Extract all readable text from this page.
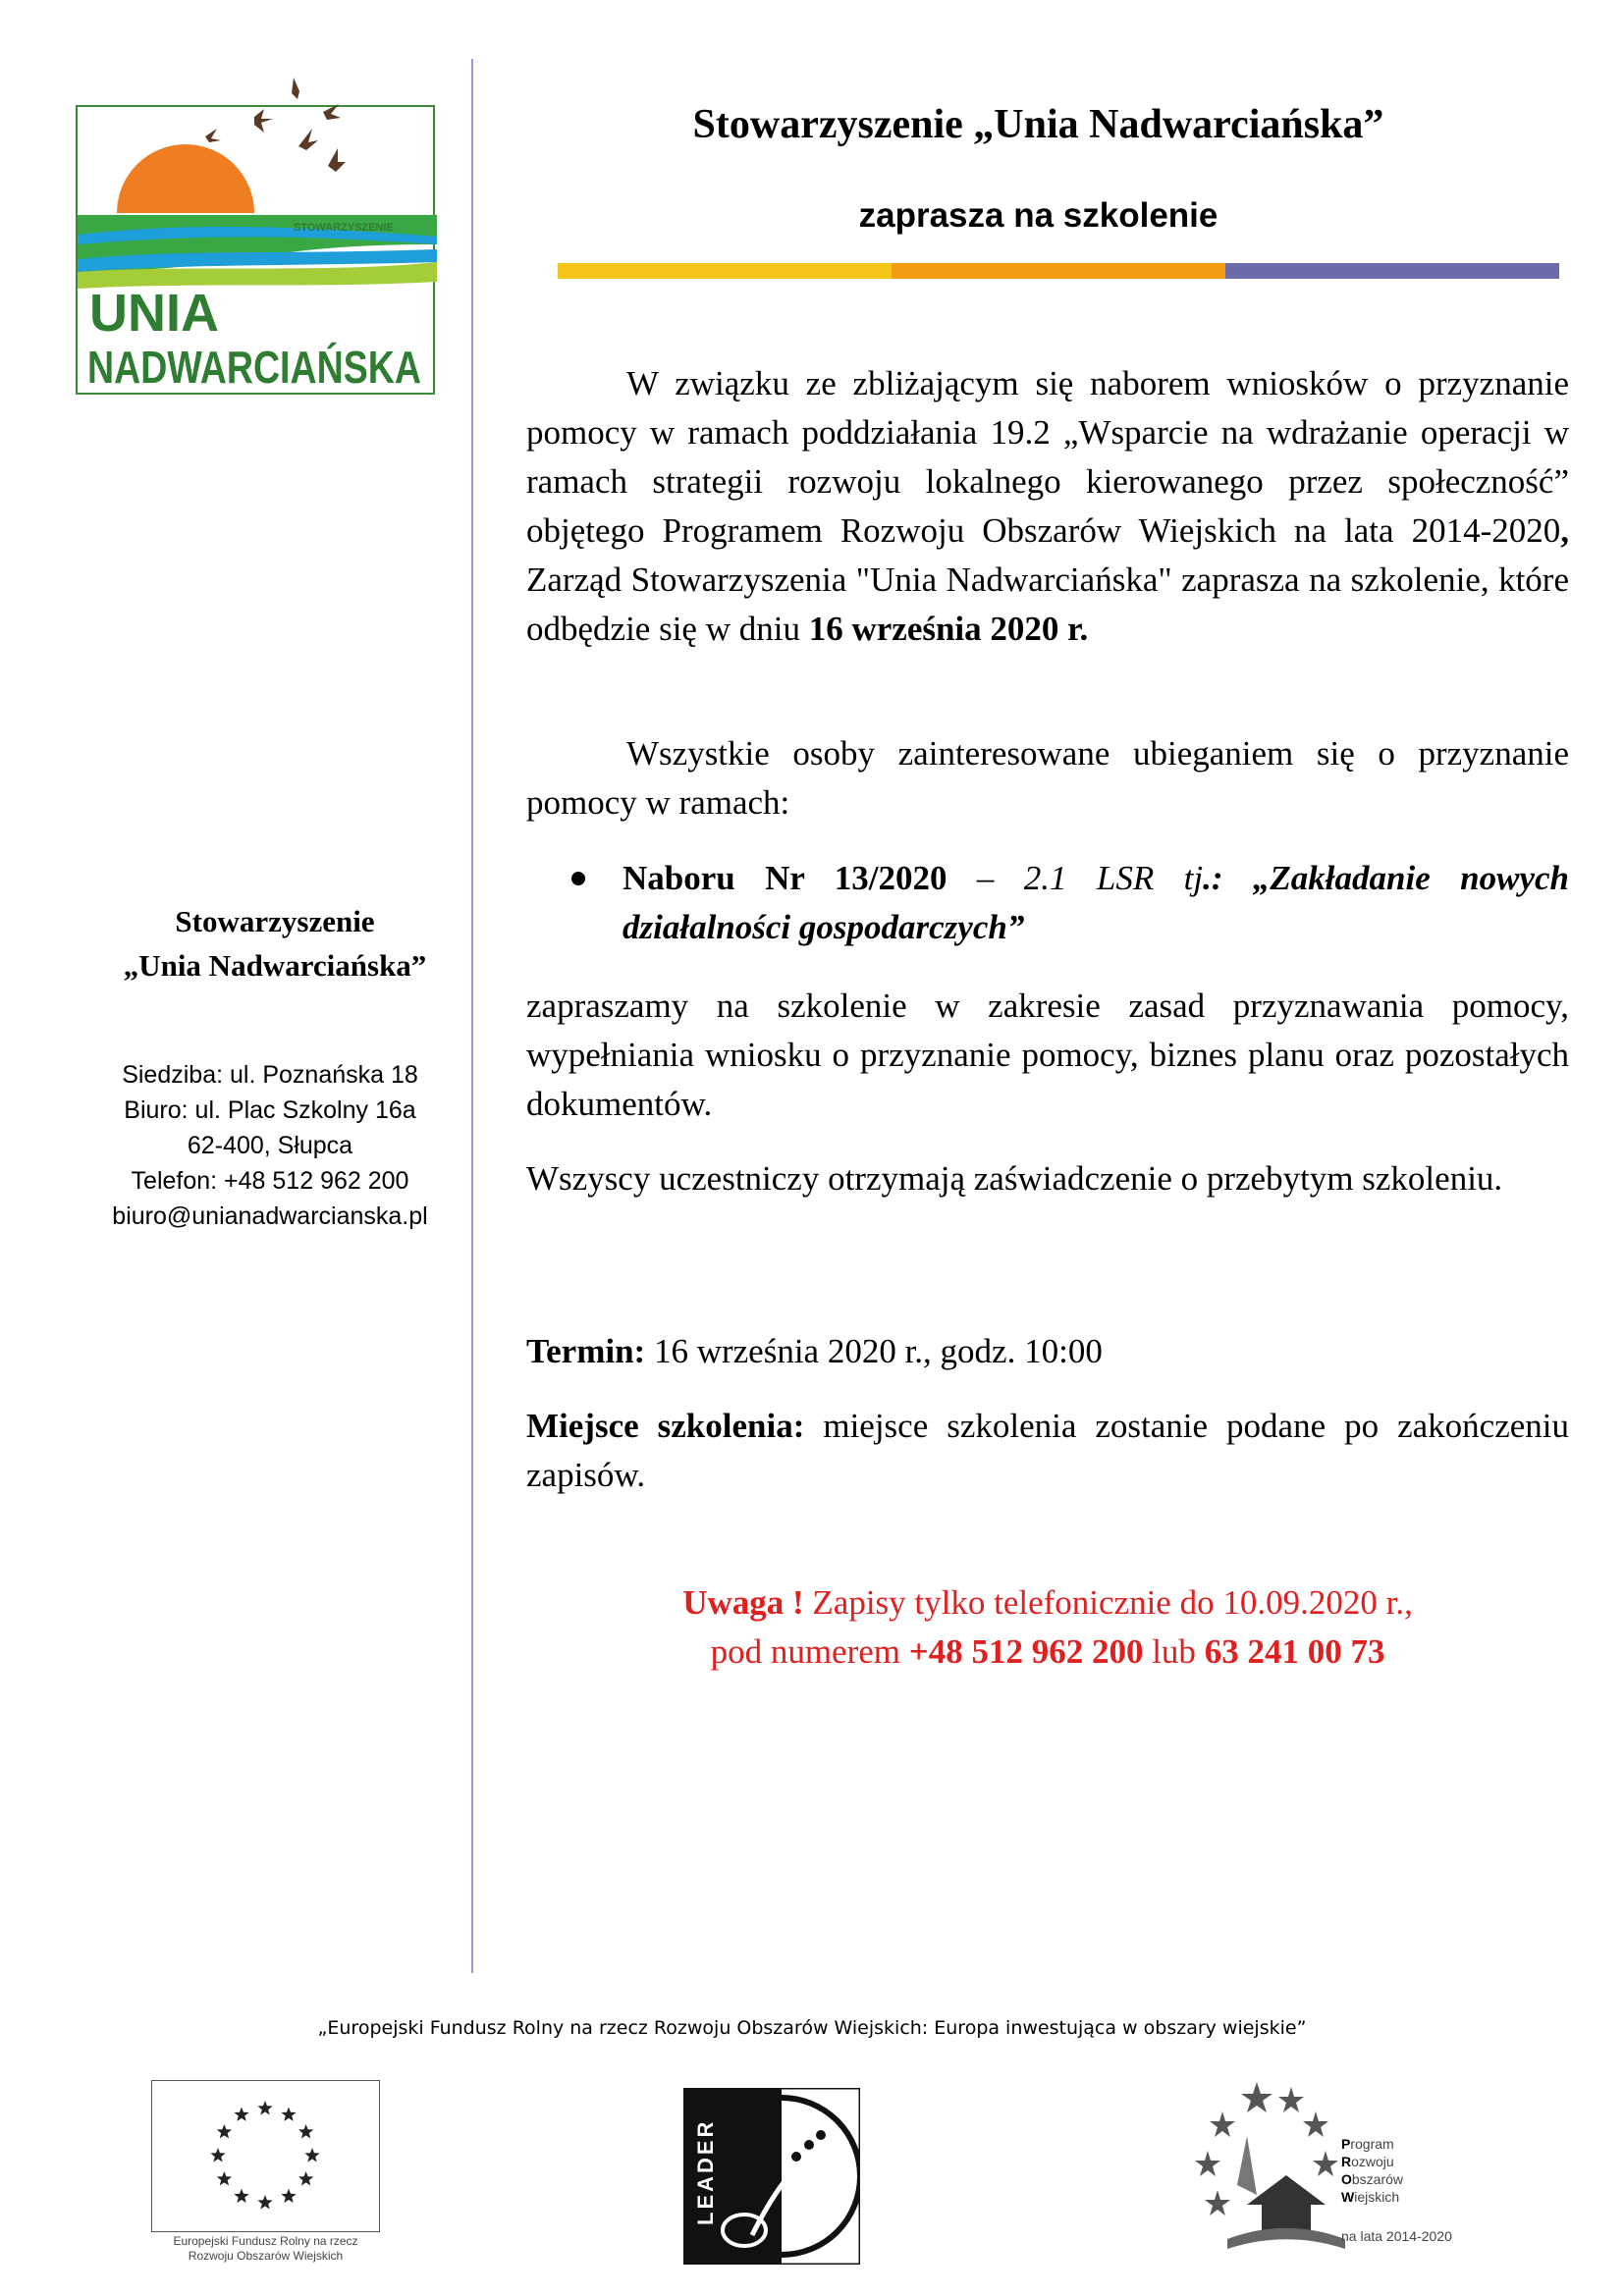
STOWARZYSZENIE
UNIA
NADWARCIAŃSKA
Stowarzyszenie „Unia Nadwarciańska”
zaprasza na szkolenie
W związku ze zbliżającym się naborem wniosków o przyznanie pomocy w ramach poddziałania 19.2 „Wsparcie na wdrażanie operacji w ramach strategii rozwoju lokalnego kierowanego przez społeczność” objętego Programem Rozwoju Obszarów Wiejskich na lata 2014-2020, Zarząd Stowarzyszenia "Unia Nadwarciańska" zaprasza na szkolenie, które odbędzie się w dniu 16 września 2020 r.
Wszystkie osoby zainteresowane ubieganiem się o przyznanie pomocy w ramach:
Naboru Nr 13/2020 – 2.1 LSR tj.: „Zakładanie nowych działalności gospodarczych”
zapraszamy na szkolenie w zakresie zasad przyznawania pomocy, wypełniania wniosku o przyznanie pomocy, biznes planu oraz pozostałych dokumentów.
Wszyscy uczestniczy otrzymają zaświadczenie o przebytym szkoleniu.
Termin: 16 września 2020 r., godz. 10:00
Miejsce szkolenia: miejsce szkolenia zostanie podane po zakończeniu zapisów.
Uwaga ! Zapisy tylko telefonicznie do 10.09.2020 r.,
pod numerem +48 512 962 200 lub 63 241 00 73
Stowarzyszenie
„Unia Nadwarciańska”
Siedziba: ul. Poznańska 18
Biuro: ul. Plac Szkolny 16a
62-400, Słupca
Telefon: +48 512 962 200
biuro@unianadwarcianska.pl
„Europejski Fundusz Rolny na rzecz Rozwoju Obszarów Wiejskich: Europa inwestująca w obszary wiejskie”
Europejski Fundusz Rolny na rzecz
Rozwoju Obszarów Wiejskich
LEADER	Program
Rozwoju
Obszarów
Wiejskich
na lata 2014-2020
